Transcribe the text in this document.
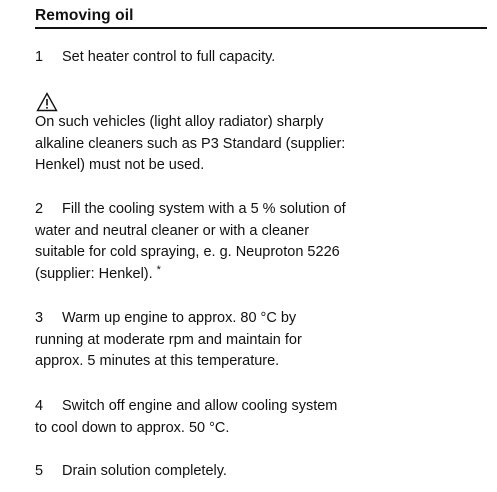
Removing oil
1 Set heater control to full capacity.
On such vehicles (light alloy radiator) sharply
alkaline cleaners such as P3 Standard (supplier:
Henkel) must not be used.
2 Fill the cooling system with a 5 % solution of
water and neutral cleaner or with a cleaner
suitable for cold spraying, e. g. Neuproton 5226
(supplier: Henkel). *
3 Warm up engine to approx. 80 °C by
running at moderate rpm and maintain for
approx. 5 minutes at this temperature.
4 Switch off engine and allow cooling system
to cool down to approx. 50 °C.
5 Drain solution completely.
